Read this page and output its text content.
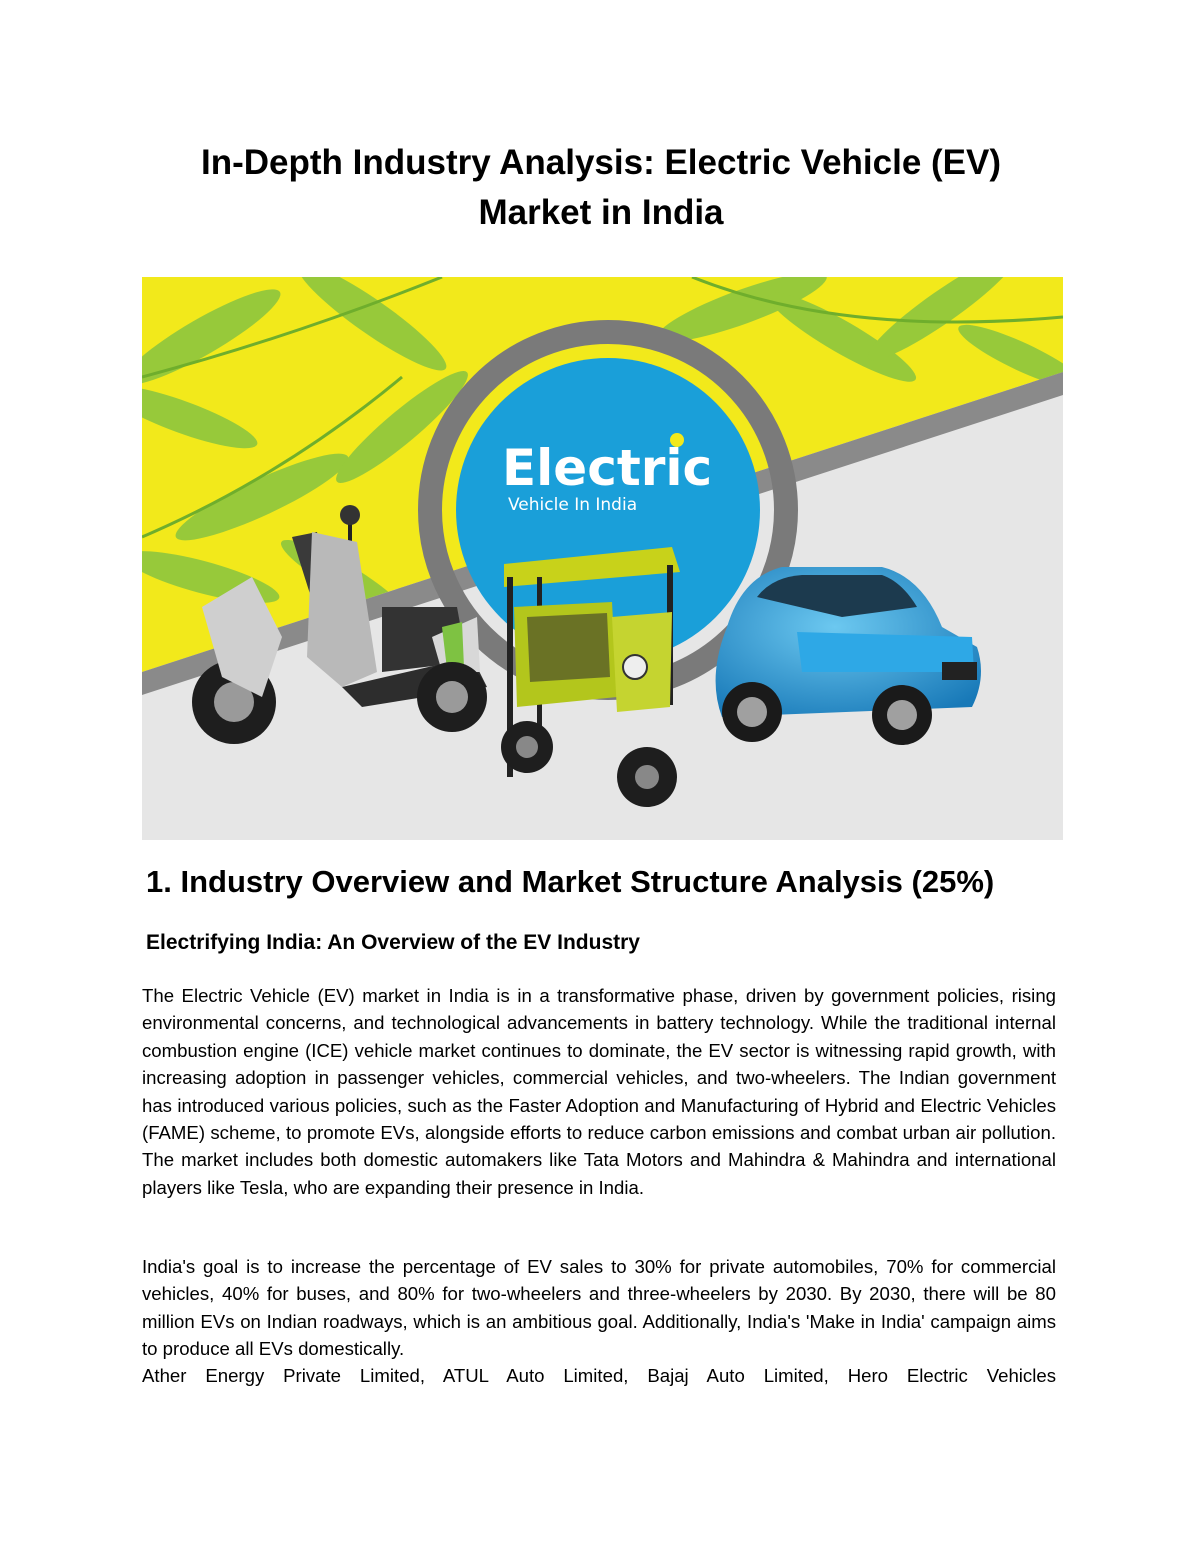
In-Depth Industry Analysis: Electric Vehicle (EV)
Market in India
Electric
Vehicle In India
1. Industry Overview and Market Structure Analysis (25%)
Electrifying India: An Overview of the EV Industry

The Electric Vehicle (EV) market in India is in a transformative phase, driven by government policies, rising environmental concerns, and technological advancements in battery technology. While the traditional internal combustion engine (ICE) vehicle market continues to dominate, the EV sector is witnessing rapid growth, with increasing adoption in passenger vehicles, commercial vehicles, and two-wheelers. The Indian government has introduced various policies, such as the Faster Adoption and Manufacturing of Hybrid and Electric Vehicles (FAME) scheme, to promote EVs, alongside efforts to reduce carbon emissions and combat urban air pollution. The market includes both domestic automakers like Tata Motors and Mahindra & Mahindra and international players like Tesla, who are expanding their presence in India.

India's goal is to increase the percentage of EV sales to 30% for private automobiles, 70% for commercial vehicles, 40% for buses, and 80% for two-wheelers and three-wheelers by 2030. By 2030, there will be 80 million EVs on Indian roadways, which is an ambitious goal. Additionally, India's 'Make in India' campaign aims to produce all EVs domestically.

Ather Energy Private Limited, ATUL Auto Limited, Bajaj Auto Limited, Hero Electric Vehicles
